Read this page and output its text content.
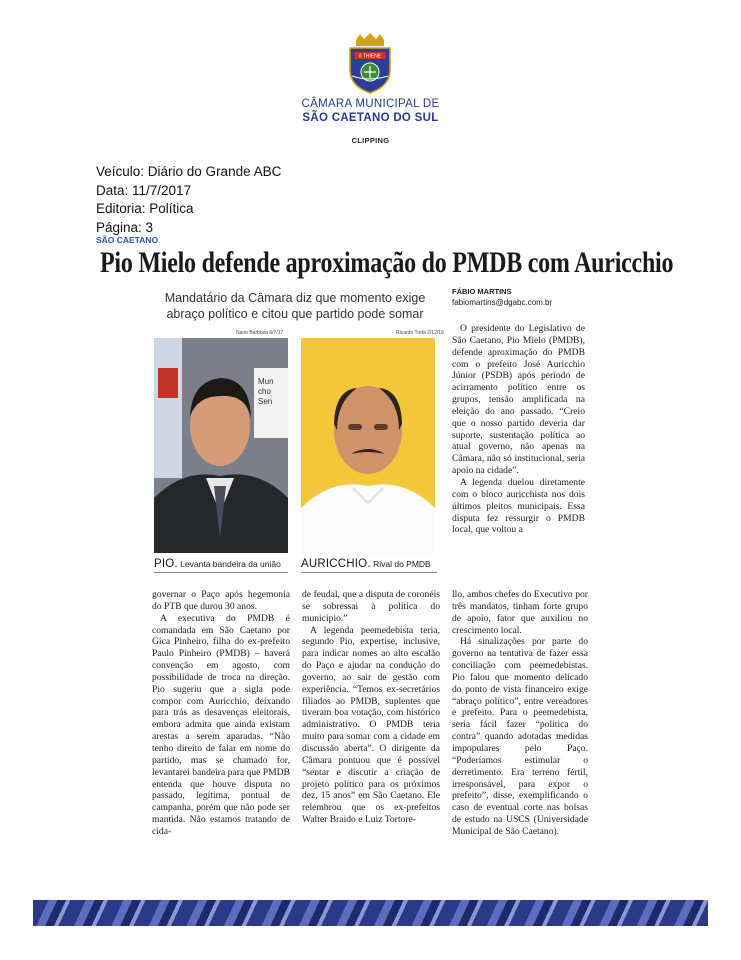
ô THIENE
CÂMARA MUNICIPAL DE
SÃO CAETANO DO SUL
CLIPPING
Veículo: Diário do Grande ABC
Data: 11/7/2017
Editoria: Política
Página: 3
SÃO CAETANO
Pio Mielo defende aproximação do PMDB com Auricchio
Mandatário da Câmara diz que momento exige
abraço político e citou que partido pode somar
FÁBIO MARTINS
fabiomartins@dgabc.com.br
Nario Barbosa 6/7/17	Ricardo Trida 2/12/16
Mun cho Sen
PIO. Levanta bandeira da união AURICCHIO. Rival do PMDB

O presidente do Legislativo de São Caetano, Pio Mielo (PMDB), defende aproximação do PMDB com o prefeito José Auricchio Júnior (PSDB) após período de acirramento político entre os grupos, tensão amplificada na eleição do ano passado. “Creio que o nosso partido deveria dar suporte, sustentação política ao atual governo, não apenas na Câmara, não só institucional, seria apoio na cidade”.

A legenda duelou diretamente com o bloco auricchista nos dois últimos pleitos municipais. Essa disputa fez ressurgir o PMDB local, que voltou a

governar o Paço após hegemonia do PTB que durou 30 anos.

A executiva do PMDB é comandada em São Caetano por Gica Pinheiro, filha do ex-prefeito Paulo Pinheiro (PMDB) – haverá convenção em agosto, com possibilidade de troca na direção. Pio sugeriu que a sigla pode compor com Auricchio, deixando para trás as desavenças eleitorais, embora admita que ainda existam arestas a serem aparadas. “Não tenho direito de falar em nome do partido, mas se chamado for, levantarei bandeira para que PMDB entenda que houve disputa no passado, legítima, pontual de campanha, porém que não pode ser mantida. Não estamos tratando de cida-

de feudal, que a disputa de coronéis se sobressai à política do município.”

A legenda peemedebista teria, segundo Pio, expertise, inclusive, para indicar nomes ao alto escalão do Paço e ajudar na condução do governo, ao sair de gestão com experiência. “Temos ex-secretários filiados ao PMDB, suplentes que tiveram boa votação, com histórico administrativo. O PMDB teria muito para somar com a cidade em discussão aberta”. O dirigente da Câmara pontuou que é possível “sentar e discutir a criação de projeto político para os próximos dez, 15 anos” em São Caetano. Ele relembrou que os ex-prefeitos Walter Braido e Luiz Tortore-

llo, ambos chefes do Executivo por três mandatos, tinham forte grupo de apoio, fator que auxiliou no crescimento local.

Há sinalizações por parte do governo na tentativa de fazer essa conciliação com peemedebistas. Pio falou que momento delicado do ponto de vista financeiro exige “abraço político”, entre vereadores e prefeito. Para o peemedebista, seria fácil fazer “política do contra” quando adotadas medidas impopulares pelo Paço. “Poderíamos estimular o derretimento. Era terreno fértil, irresponsável, para expor o prefeito”, disse, exemplificando o caso de eventual corte nas bolsas de estudo na USCS (Universidade Municipal de São Caetano).
